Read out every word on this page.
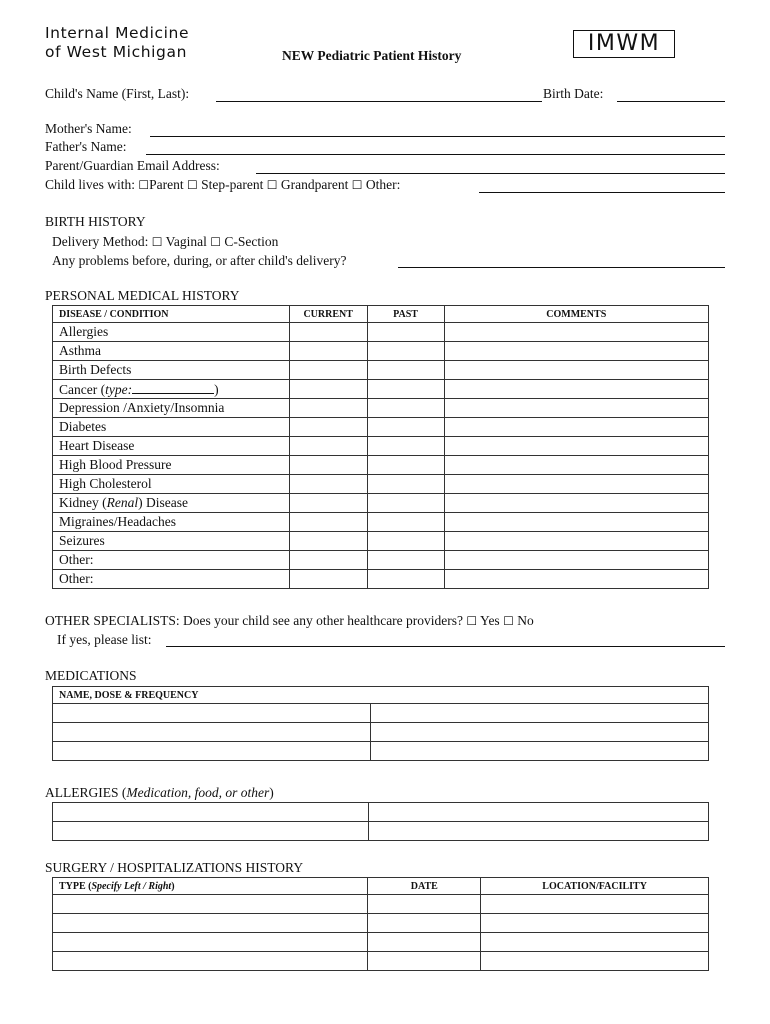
Internal Medicine
of West Michigan	NEW Pediatric Patient History	IMWM
Child's Name (First, Last):	Birth Date:
Mother's Name:
Father's Name:
Parent/Guardian Email Address:
Child lives with: ☐Parent ☐ Step-parent ☐ Grandparent ☐ Other:
BIRTH HISTORY
Delivery Method: ☐ Vaginal ☐ C-Section
Any problems before, during, or after child's delivery?
PERSONAL MEDICAL HISTORY
DISEASE / CONDITION	CURRENT	PAST	COMMENTS
Allergies			
Asthma			
Birth Defects			
Cancer (type: )			
Depression /Anxiety/Insomnia			
Diabetes			
Heart Disease			
High Blood Pressure			
High Cholesterol			
Kidney (Renal) Disease			
Migraines/Headaches			
Seizures			
Other:			
Other:			
OTHER SPECIALISTS: Does your child see any other healthcare providers? ☐ Yes ☐ No
If yes, please list:
MEDICATIONS
NAME, DOSE & FREQUENCY	

ALLERGIES (Medication, food, or other)

SURGERY / HOSPITALIZATIONS HISTORY
TYPE (Specify Left / Right)	DATE	LOCATION/FACILITY
